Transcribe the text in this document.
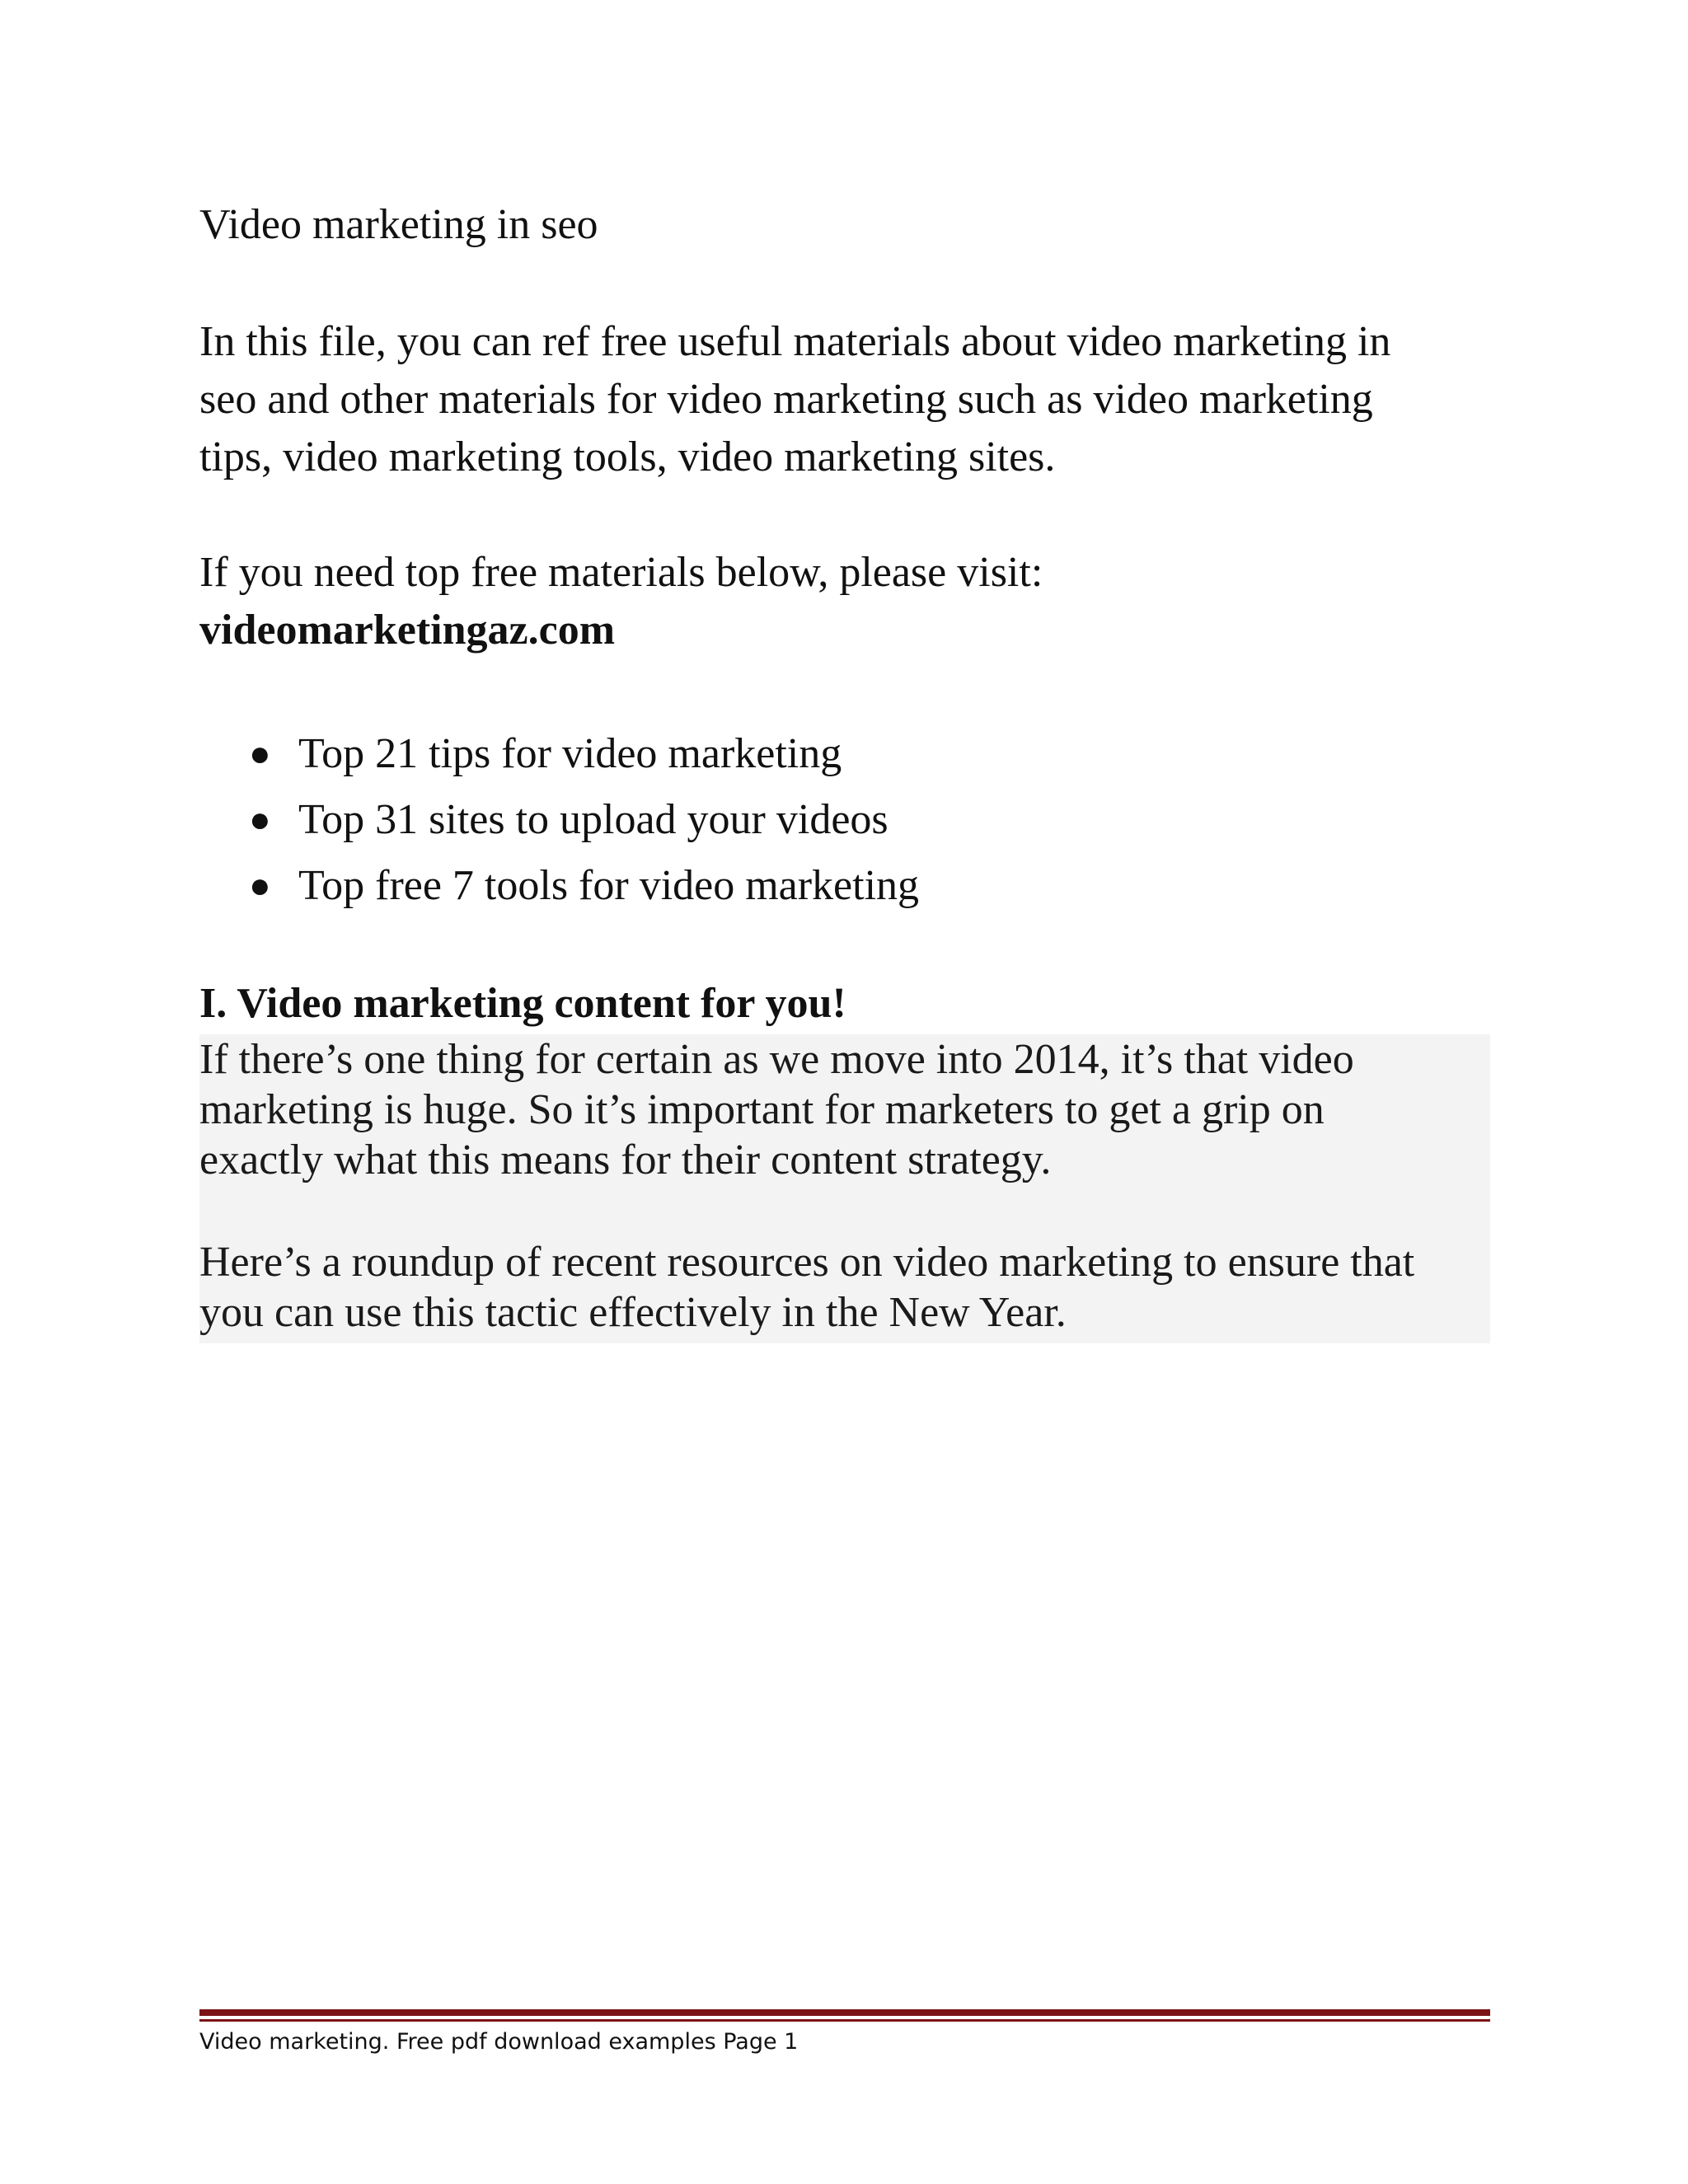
Video marketing in seo

In this file, you can ref free useful materials about video marketing in
seo and other materials for video marketing such as video marketing
tips, video marketing tools, video marketing sites.

If you need top free materials below, please visit:
videomarketingaz.com

● Top 21 tips for video marketing
● Top 31 sites to upload your videos
● Top free 7 tools for video marketing
I. Video marketing content for you!

If there’s one thing for certain as we move into 2014, it’s that video
marketing is huge. So it’s important for marketers to get a grip on
exactly what this means for their content strategy.

Here’s a roundup of recent resources on video marketing to ensure that
you can use this tactic effectively in the New Year.

Video marketing. Free pdf download examples Page 1
